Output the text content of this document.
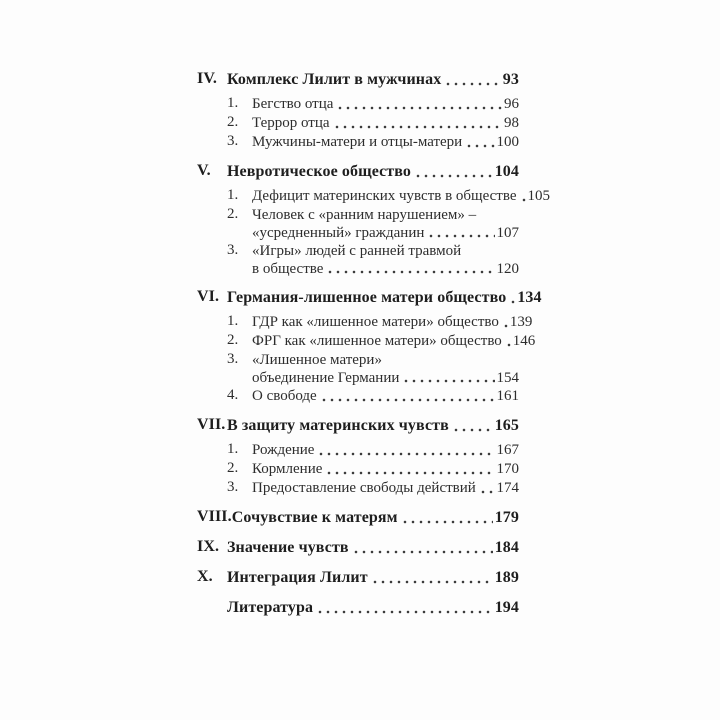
IV. Комплекс Лилит в мужчинах	93
1. Бегство отца	96
2. Террор отца	98
3. Мужчины-матери и отцы-матери 100
V.	Невротическое общество	104
1. Дефицит материнских чувств в обществе 105
2. Человек с «ранним нарушением» –
«усредненный» гражданин	107
3. «Игры» людей с ранней травмой
в обществе	120
VI. Германия-лишенное матери общество 134
1. ГДР как «лишенное матери» общество 139
2. ФРГ как «лишенное матери» общество 146
3. «Лишенное матери»
объединение Германии	154
4. О свободе	161
VII. В защиту материнских чувств	165
1. Рождение	167
2. Кормление	170
3. Предоставление свободы действий 174
VIII. Сочувствие к матерям	179
IX. Значение чувств	184
X. Интеграция Лилит	189
Литература	194
